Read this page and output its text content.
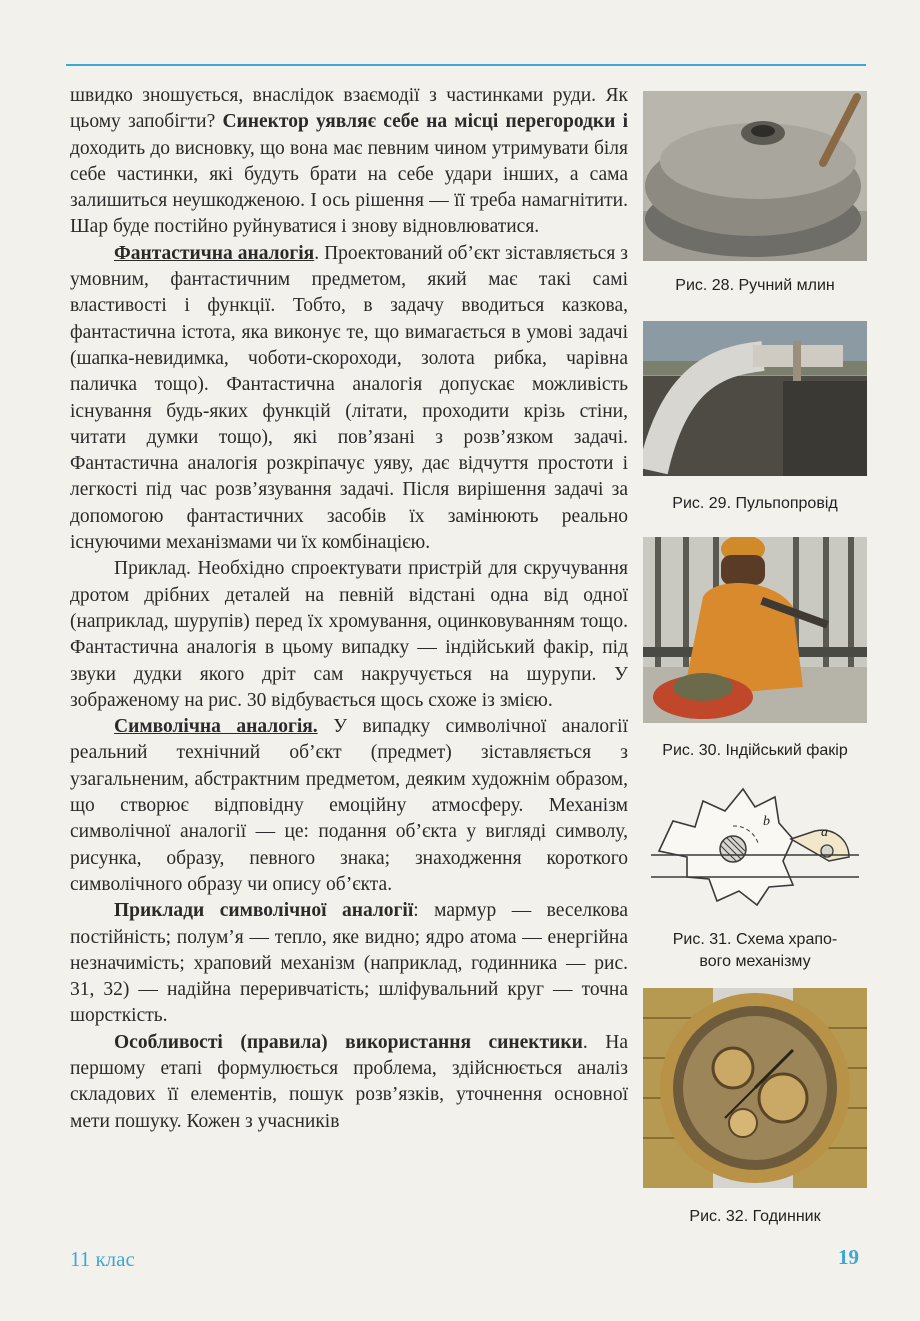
швидко зношується, внаслідок взаємодії з частинками руди. Як цьому запобігти? Синектор уявляє себе на місці перегородки і доходить до висновку, що вона має певним чином утримувати біля себе частинки, які будуть брати на себе удари інших, а сама залишиться неушкодженою. І ось рішення — її треба намагнітити. Шар буде постійно руйнуватися і знову відновлюватися.

Фантастична аналогія. Проектований об’єкт зіставляється з умовним, фантастичним предметом, який має такі самі властивості і функції. Тобто, в задачу вводиться казкова, фантастична істота, яка виконує те, що вимагається в умові задачі (шапка-невидимка, чоботи-скороходи, золота рибка, чарівна паличка тощо). Фантастична аналогія допускає можливість існування будь-яких функцій (літати, проходити крізь стіни, читати думки тощо), які пов’язані з розв’язком задачі. Фантастична аналогія розкріпачує уяву, дає відчуття простоти і легкості під час розв’язування задачі. Після вирішення задачі за допомогою фантастичних засобів їх замінюють реально існуючими механізмами чи їх комбінацією.

Приклад. Необхідно спроектувати пристрій для скручування дротом дрібних деталей на певній відстані одна від одної (наприклад, шурупів) перед їх хромування, оцинковуванням тощо. Фантастична аналогія в цьому випадку — індійський факір, під звуки дудки якого дріт сам накручується на шурупи. У зображеному на рис. 30 відбувається щось схоже із змією.

Символічна аналогія. У випадку символічної аналогії реальний технічний об’єкт (предмет) зіставляється з узагальненим, абстрактним предметом, деяким художнім образом, що створює відповідну емоційну атмосферу. Механізм символічної аналогії — це: подання об’єкта у вигляді символу, рисунка, образу, певного знака; знаходження короткого символічного образу чи опису об’єкта.

Приклади символічної аналогії: мармур — веселкова постійність; полум’я — тепло, яке видно; ядро атома — енергійна незначимість; храповий механізм (наприклад, годинника — рис. 31, 32) — надійна переривчатість; шліфувальний круг — точна шорсткість.

Особливості (правила) використання синектики. На першому етапі формулюється проблема, здійснюється аналіз складових її елементів, пошук розв’язків, уточнення основної мети пошуку. Кожен з учасників

Рис. 28. Ручний млин
Рис. 29. Пульпопровід
Рис. 30. Індійський факір
b
a
Рис. 31. Схема храпо-
вого механізму
Рис. 32. Годинник
11 клас	19
